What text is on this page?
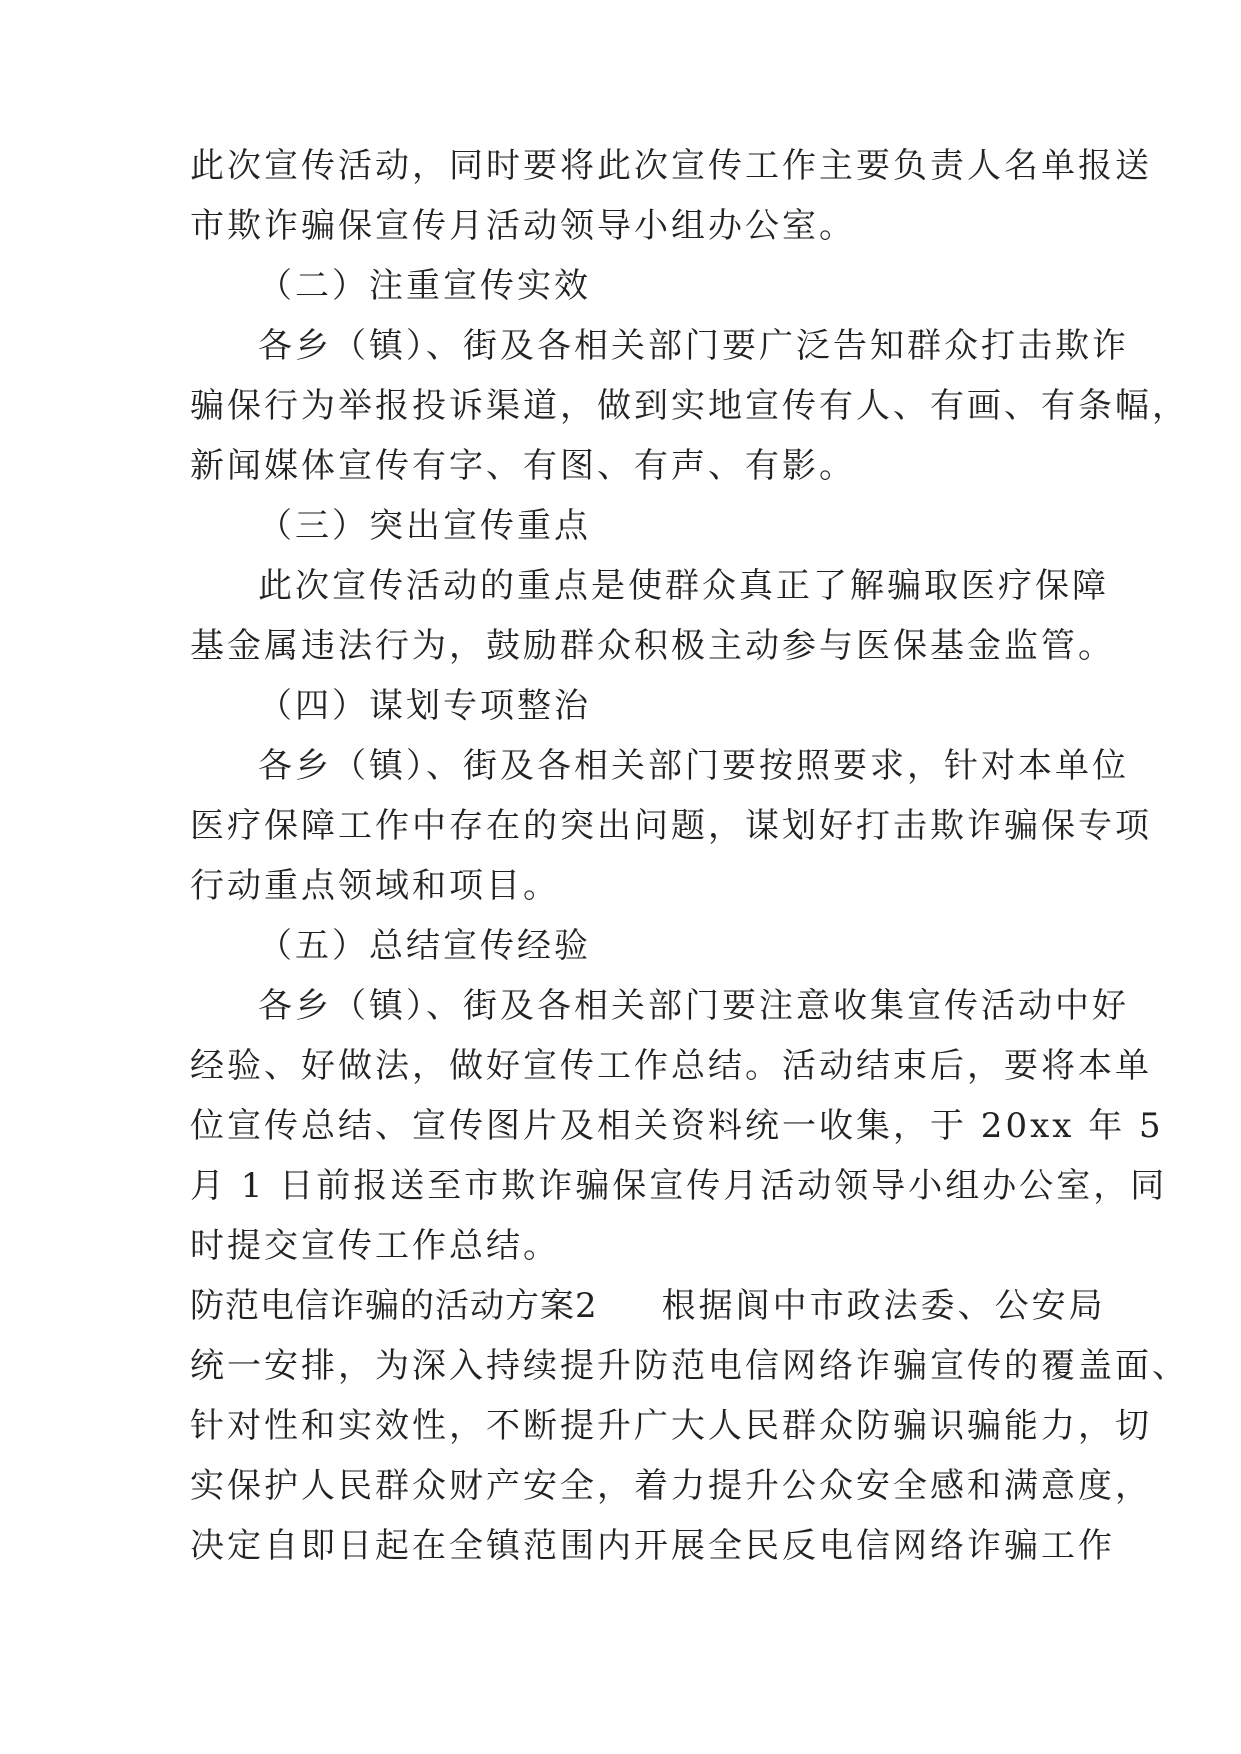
此次宣传活动，同时要将此次宣传工作主要负责人名单报送
市欺诈骗保宣传月活动领导小组办公室。
（二）注重宣传实效
各乡（镇）、街及各相关部门要广泛告知群众打击欺诈
骗保行为举报投诉渠道，做到实地宣传有人、有画、有条幅，
新闻媒体宣传有字、有图、有声、有影。
（三）突出宣传重点
此次宣传活动的重点是使群众真正了解骗取医疗保障
基金属违法行为，鼓励群众积极主动参与医保基金监管。
（四）谋划专项整治
各乡（镇）、街及各相关部门要按照要求，针对本单位
医疗保障工作中存在的突出问题，谋划好打击欺诈骗保专项
行动重点领域和项目。
（五）总结宣传经验
各乡（镇）、街及各相关部门要注意收集宣传活动中好
经验、好做法，做好宣传工作总结。活动结束后，要将本单
位宣传总结、宣传图片及相关资料统一收集，于 20xx 年 5
月 1 日前报送至市欺诈骗保宣传月活动领导小组办公室，同
时提交宣传工作总结。
防范电信诈骗的活动方案2 根据阆中市政法委、公安局
统一安排，为深入持续提升防范电信网络诈骗宣传的覆盖面、
针对性和实效性，不断提升广大人民群众防骗识骗能力，切
实保护人民群众财产安全，着力提升公众安全感和满意度，
决定自即日起在全镇范围内开展全民反电信网络诈骗工作
